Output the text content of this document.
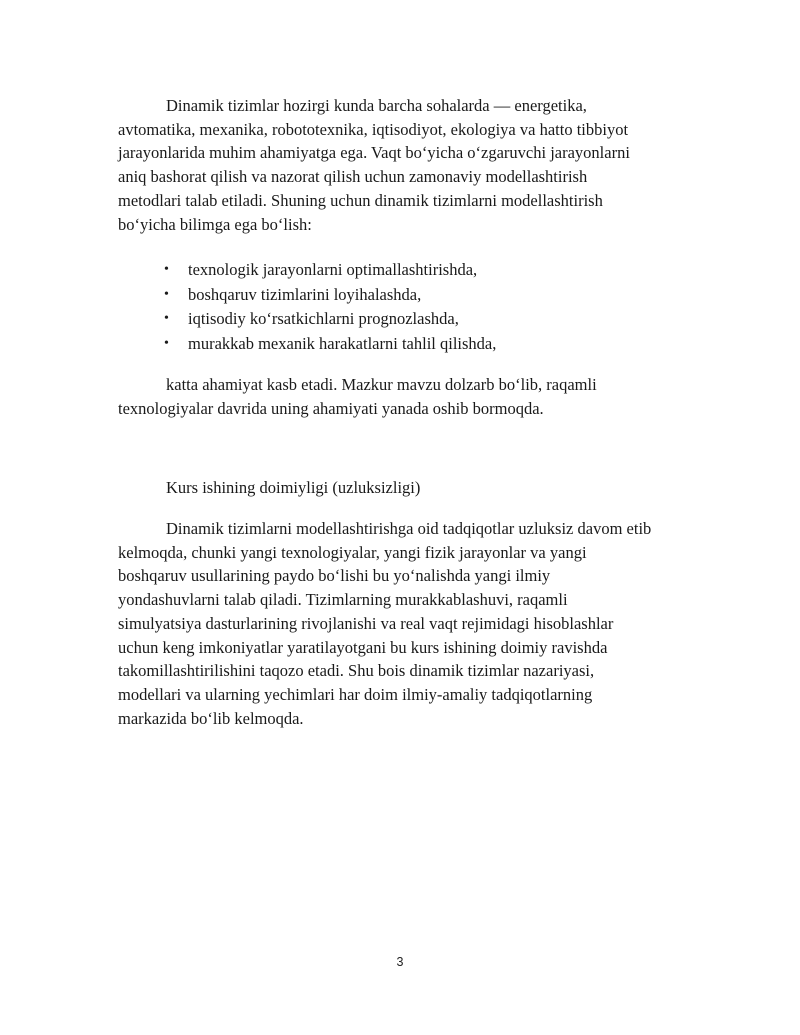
Dinamik tizimlar hozirgi kunda barcha sohalarda — energetika,

avtomatika, mexanika, robototexnika, iqtisodiyot, ekologiya va hatto tibbiyot

jarayonlarida muhim ahamiyatga ega. Vaqt bo‘yicha o‘zgaruvchi jarayonlarni

aniq bashorat qilish va nazorat qilish uchun zamonaviy modellashtirish

metodlari talab etiladi. Shuning uchun dinamik tizimlarni modellashtirish

bo‘yicha bilimga ega bo‘lish:

• texnologik jarayonlarni optimallashtirishda,
• boshqaruv tizimlarini loyihalashda,
• iqtisodiy ko‘rsatkichlarni prognozlashda,
• murakkab mexanik harakatlarni tahlil qilishda,

katta ahamiyat kasb etadi. Mazkur mavzu dolzarb bo‘lib, raqamli

texnologiyalar davrida uning ahamiyati yanada oshib bormoqda.

Kurs ishining doimiyligi (uzluksizligi)

Dinamik tizimlarni modellashtirishga oid tadqiqotlar uzluksiz davom etib

kelmoqda, chunki yangi texnologiyalar, yangi fizik jarayonlar va yangi

boshqaruv usullarining paydo bo‘lishi bu yo‘nalishda yangi ilmiy

yondashuvlarni talab qiladi. Tizimlarning murakkablashuvi, raqamli

simulyatsiya dasturlarining rivojlanishi va real vaqt rejimidagi hisoblashlar

uchun keng imkoniyatlar yaratilayotgani bu kurs ishining doimiy ravishda

takomillashtirilishini taqozo etadi. Shu bois dinamik tizimlar nazariyasi,

modellari va ularning yechimlari har doim ilmiy-amaliy tadqiqotlarning

markazida bo‘lib kelmoqda.

3
